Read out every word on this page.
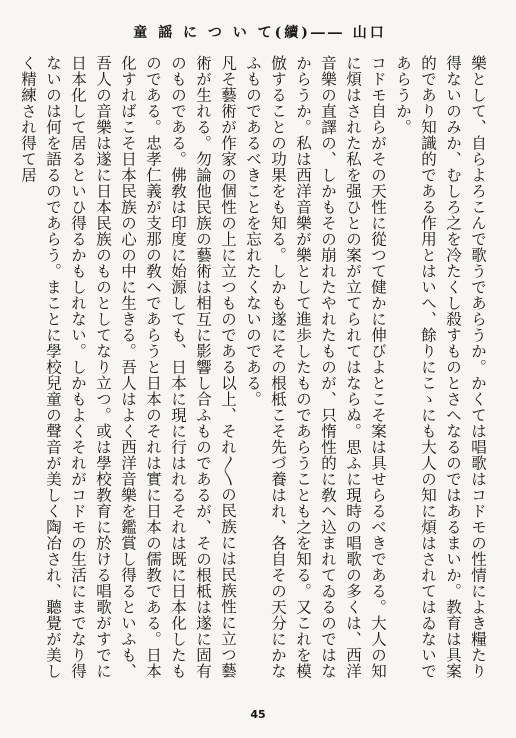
童 謡 に つ い て(續)―― 山口

樂として、自らよろこんで歌うであらうか。かくては唱歌はコドモの性情によき糧たり得ないのみか、むしろ之を冷たくし殺すものとさへなるのではあるまいか。教育は具案的であり知識的である作用とはいへ、餘りにこゝにも大人の知に煩はされてはゐないであらうか。

コドモ自らがその天性に從つて健かに伸びよとこそ案は具せらるべきである。大人の知に煩はされた私を强ひとの案が立てられてはならぬ。思ふに現時の唱歌の多くは、西洋音樂の直譯の、しかもその崩れたやれたものが、只惰性的に敎へ込まれてゐるのではなからうか。私は西洋音樂が樂として進歩したものであらうことも之を知る。又これを模倣することの功果をも知る。しかも遂にその根柢こそ先づ養はれ、各自その天分にかなふものであるべきことを忘れたくないのである。

凡そ藝術が作家の個性の上に立つものである以上、それ〳〵の民族には民族性に立つ藝術が生れる。勿論他民族の藝術は相互に影響し合ふものであるが、その根柢は遂に固有のものである。佛敎は印度に始源しても、日本に現に行はれるそれは既に日本化したものである。忠孝仁義が支那の敎へであらうと日本のそれは實に日本の儒教である。日本化すればこそ日本民族の心の中に生きる。吾人はよく西洋音樂を鑑賞し得るといふも、吾人の音樂は遂に日本民族のものとしてなり立つ。或は學校教育に於ける唱歌がすでに日本化して居るといひ得るかもしれない。しかもよくそれがコドモの生活にまでなり得ないのは何を語るのであらう。まことに學校兒童の聲音が美しく陶冶され、聽覺が美しく精練され得て居

45
